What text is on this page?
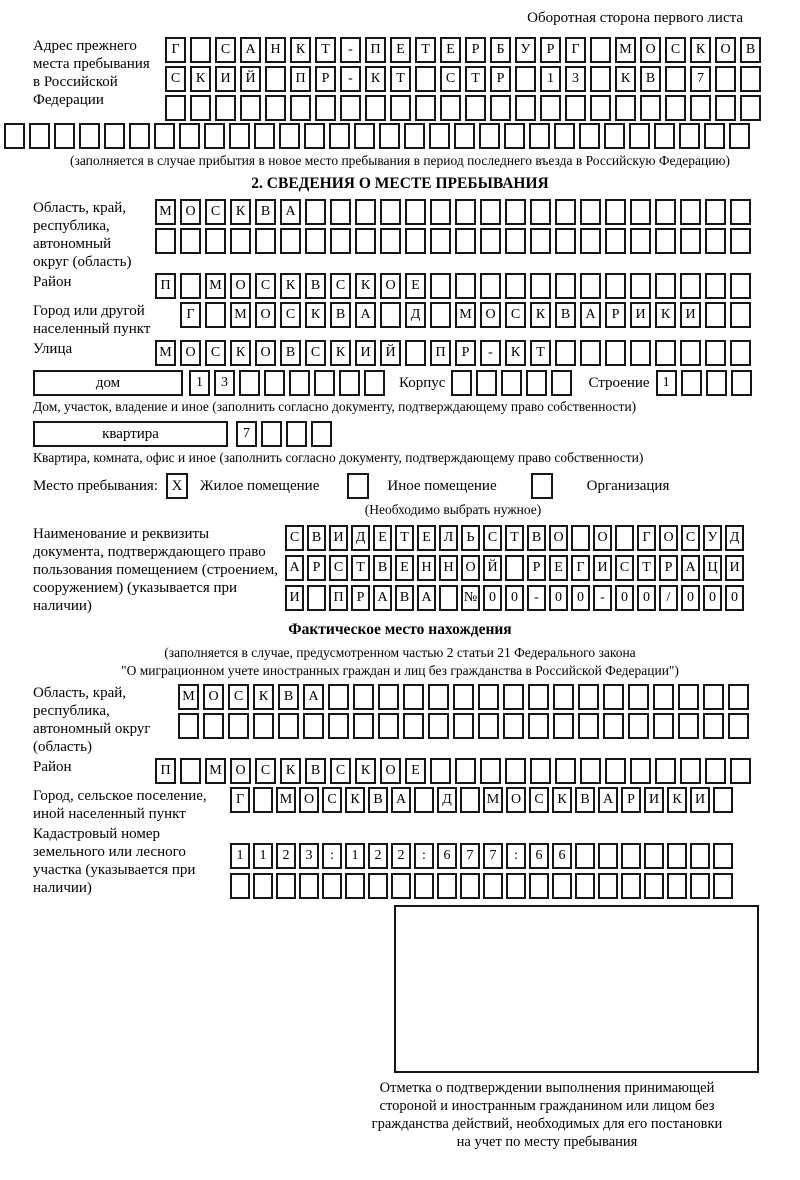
Оборотная сторона первого листа
Адрес прежнего места пребывания в Российской Федерации
Г	С	А	Н	К	Т	-	П	Е	Т	Е	Р	Б	У	Р	Г	М О	С	К	О	В
С	К	И	Й	П	Р	-	К	Т	С	Т	Р	1	3	К	В	7
(заполняется в случае прибытия в новое место пребывания в период последнего въезда в Российскую Федерацию)
2. СВЕДЕНИЯ О МЕСТЕ ПРЕБЫВАНИЯ
Область, край, республика, автономный округ (область)
М О	С	К	В	А
Район	П	М О	С	К	В	С	К	О	Е
Город или другой населенный пункт
Г	М О	С	К	В	А	Д	М О	С	К	В	А	Р	И	К	И
Улица	М О	С	К	О	В	С	К	И	Й	П	Р	-	К	Т
дом	1	3	Корпус	Строение 1
Дом, участок, владение и иное (заполнить согласно документу, подтверждающему право собственности)
квартира	7
Квартира, комната, офис и иное (заполнить согласно документу, подтверждающему право собственности)
Место пребывания: X	Жилое помещение	Иное помещение	Организация
(Необходимо выбрать нужное)
Наименование и реквизиты документа, подтверждающего право пользования помещением (строением, сооружением) (указывается при наличии)
С В И Д Е Т Е Л Ь С Т В О	О	Г О С У Д
А Р С Т В Е Н Н О Й	Р Е Г И С Т Р А Ц И
И	П Р А В А	№ 0	0	-	0	0	-	0	0	/	0	0	0
Фактическое место нахождения
(заполняется в случае, предусмотренном частью 2 статьи 21 Федерального закона
"О миграционном учете иностранных граждан и лиц без гражданства в Российской Федерации")
Область, край, республика, автономный округ (область)
М О	С	К	В	А
Район	П	М О	С	К	В	С	К	О	Е
Город, сельское поселение, иной населенный пункт
Г	М О С К В А	Д	М О С К В А	Р	И К И
Кадастровый номер земельного или лесного участка (указывается при наличии)
1	1	2	3	:	1	2	2	:	6	7	7	:	6	6
Отметка о подтверждении выполнения принимающей
стороной и иностранным гражданином или лицом без
гражданства действий, необходимых для его постановки
на учет по месту пребывания
